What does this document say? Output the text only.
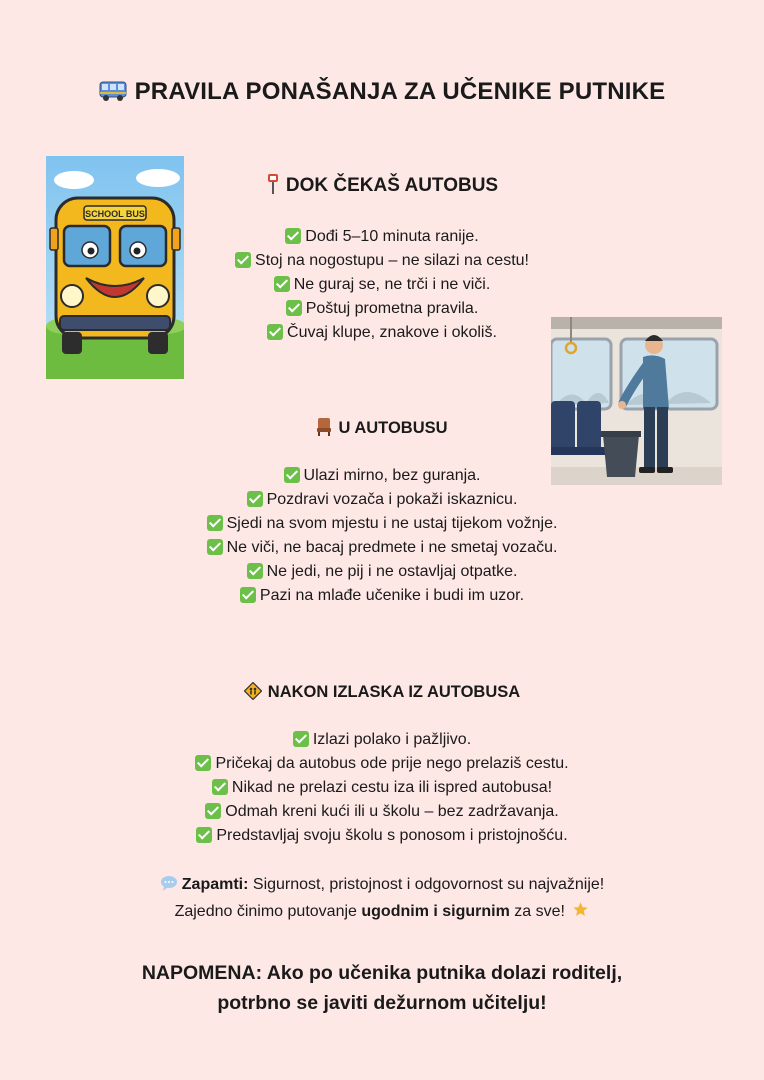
PRAVILA PONAŠANJA ZA UČENIKE PUTNIKE
SCHOOL BUS
DOK ČEKAŠ AUTOBUS
Dođi 5–10 minuta ranije.
Stoj na nogostupu – ne silazi na cestu!
Ne guraj se, ne trči i ne viči.
Poštuj prometna pravila.
Čuvaj klupe, znakove i okoliš.
U AUTOBUSU
Ulazi mirno, bez guranja.
Pozdravi vozača i pokaži iskaznicu.
Sjedi na svom mjestu i ne ustaj tijekom vožnje.
Ne viči, ne bacaj predmete i ne smetaj vozaču.
Ne jedi, ne pij i ne ostavljaj otpatke.
Pazi na mlađe učenike i budi im uzor.
NAKON IZLASKA IZ AUTOBUSA
Izlazi polako i pažljivo.
Pričekaj da autobus ode prije nego prelaziš cestu.
Nikad ne prelazi cestu iza ili ispred autobusa!
Odmah kreni kući ili u školu – bez zadržavanja.
Predstavljaj svoju školu s ponosom i pristojnošću.
Zapamti: Sigurnost, pristojnost i odgovornost su najvažnije!
Zajedno činimo putovanje ugodnim i sigurnim za sve!
NAPOMENA: Ako po učenika putnika dolazi roditelj,
potrbno se javiti dežurnom učitelju!
